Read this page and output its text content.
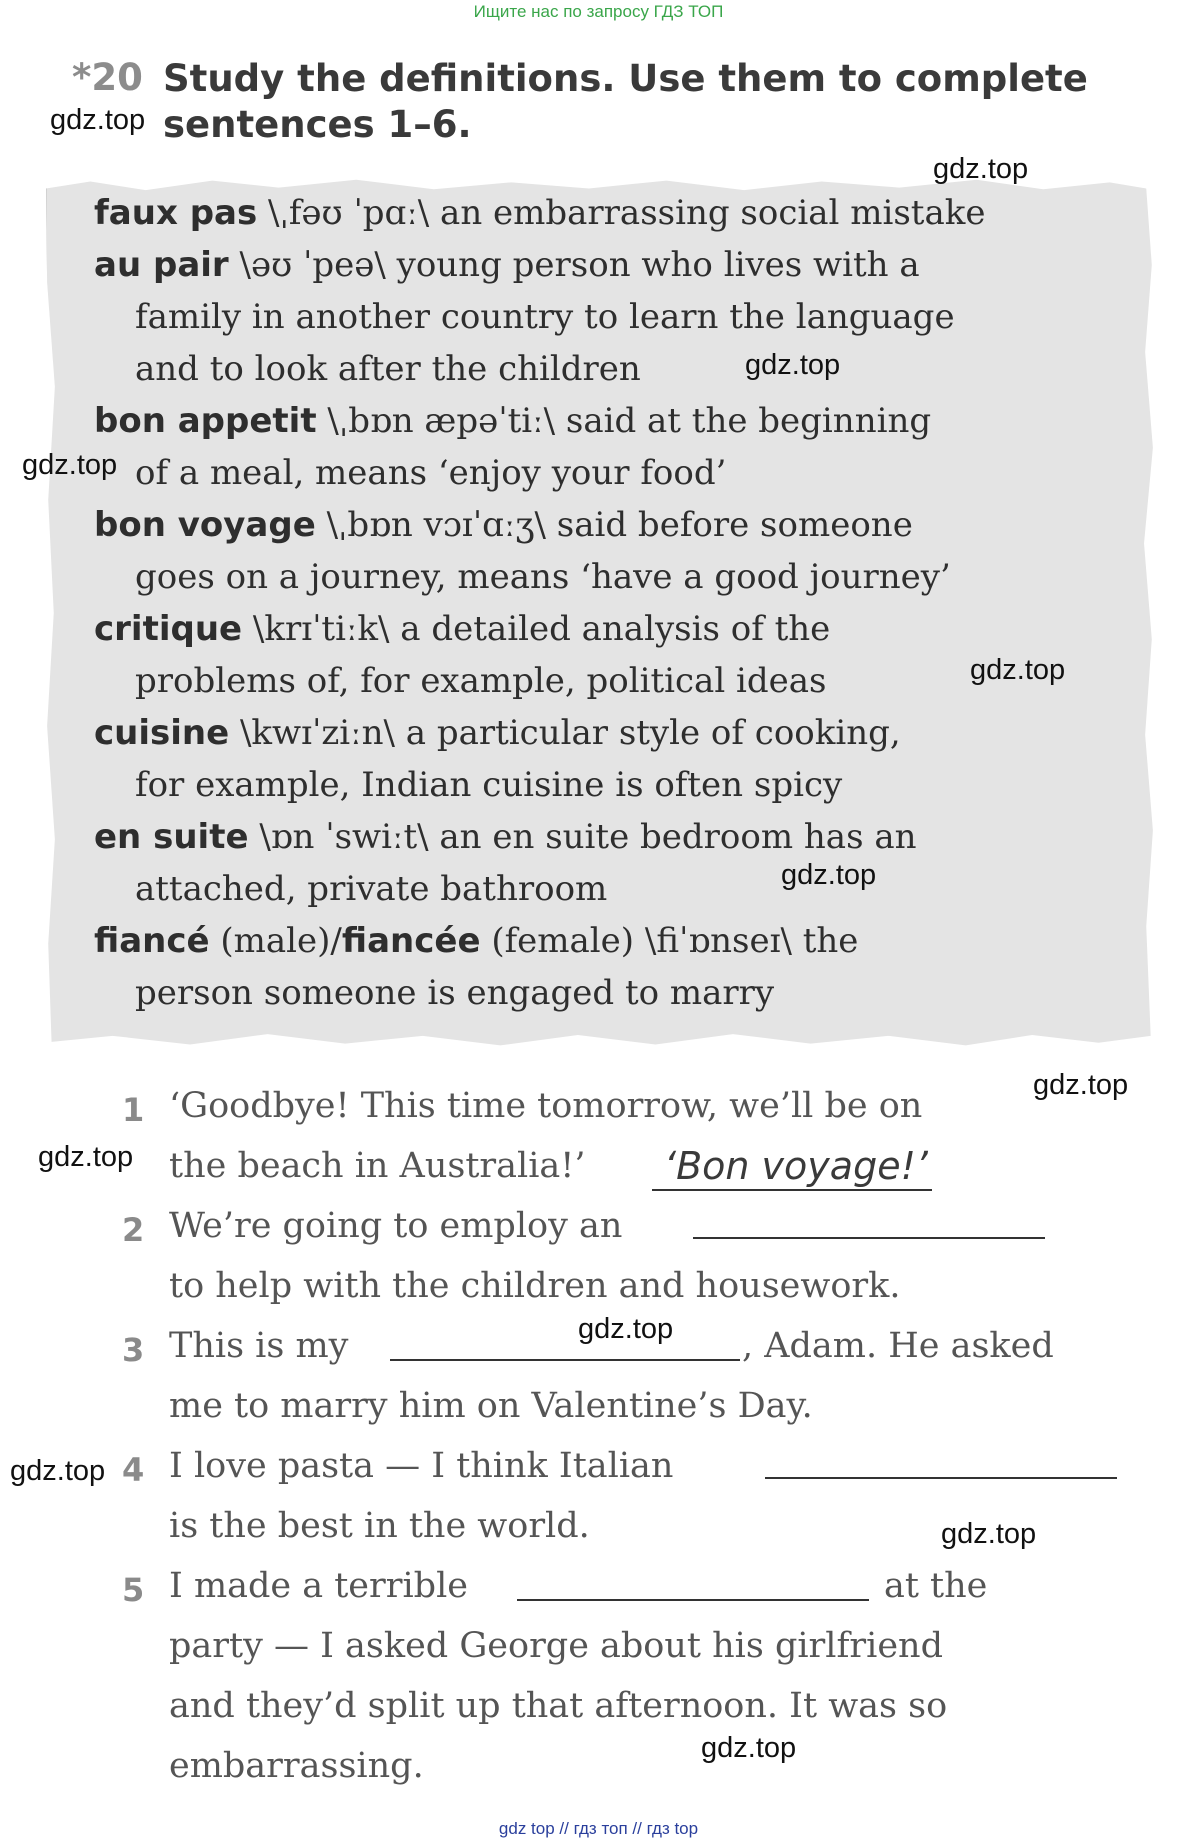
Ищите нас по запросу ГДЗ ТОП
*20 Study the definitions. Use them to complete
sentences 1–6.
faux pas \ˌfəʊ ˈpɑː\ an embarrassing social mistake
au pair \əʊ ˈpeə\ young person who lives with a
family in another country to learn the language
and to look after the children
bon appetit \ˌbɒn æpəˈtiː\ said at the beginning
of a meal, means ‘enjoy your food’
bon voyage \ˌbɒn vɔɪˈɑːʒ\ said before someone
goes on a journey, means ‘have a good journey’
critique \krɪˈtiːk\ a detailed analysis of the
problems of, for example, political ideas
cuisine \kwɪˈziːn\ a particular style of cooking,
for example, Indian cuisine is often spicy
en suite \ɒn ˈswiːt\ an en suite bedroom has an
attached, private bathroom
fiancé (male)/fiancée (female) \fiˈɒnseɪ\ the
person someone is engaged to marry
1 ‘Goodbye! This time tomorrow, we’ll be on
the beach in Australia!’ ‘Bon voyage!’
2 We’re going to employ an
to help with the children and housework.
3 This is my	, Adam. He asked
me to marry him on Valentine’s Day.
4 I love pasta — I think Italian
is the best in the world.
5 I made a terrible	at the
party — I asked George about his girlfriend
and they’d split up that afternoon. It was so
embarrassing.
gdz.top
gdz.top
gdz.top
gdz.top
gdz.top
gdz.top
gdz.top
gdz.top
gdz.top
gdz.top
gdz.top
gdz.top
gdz top // гдз топ // гдз top
